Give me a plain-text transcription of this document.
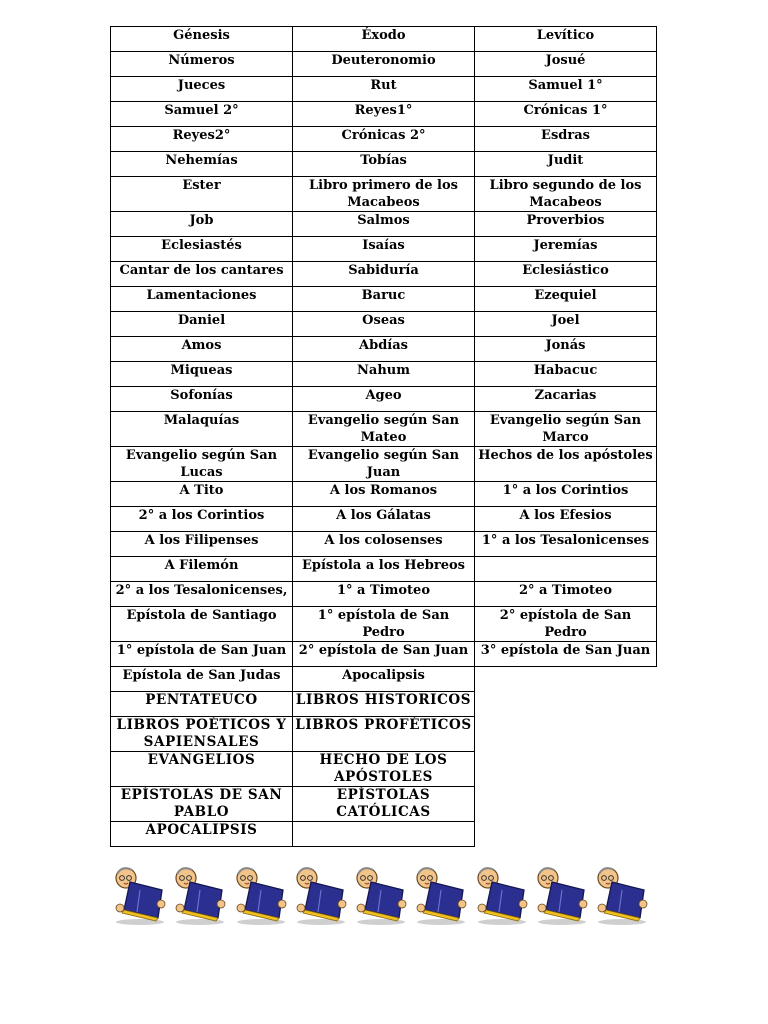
Génesis	Éxodo	Levítico
Números	Deuteronomio	Josué
Jueces	Rut	Samuel 1°
Samuel 2°	Reyes1°	Crónicas 1°
Reyes2°	Crónicas 2°	Esdras
Nehemías	Tobías	Judit
Ester	Libro primero de los Macabeos	Libro segundo de los Macabeos
Job	Salmos	Proverbios
Eclesiastés	Isaías	Jeremías
Cantar de los cantares	Sabiduría	Eclesiástico
Lamentaciones	Baruc	Ezequiel
Daniel	Oseas	Joel
Amos	Abdías	Jonás
Miqueas	Nahum	Habacuc
Sofonías	Ageo	Zacarias
Malaquías	Evangelio según San Mateo	Evangelio según San Marco
Evangelio según San Lucas	Evangelio según San Juan	Hechos de los apóstoles
A Tito	A los Romanos	1° a los Corintios
2° a los Corintios	A los Gálatas	A los Efesios
A los Filipenses	A los colosenses	1° a los Tesalonicenses
A Filemón	Epístola a los Hebreos	
2° a los Tesalonicenses,	1° a Timoteo	2° a Timoteo
Epístola de Santiago	1° epístola de San Pedro	2° epístola de San Pedro
1° epístola de San Juan	2° epístola de San Juan	3° epístola de San Juan
Epístola de San Judas	Apocalipsis	
PENTATEUCO	LIBROS HISTORICOS	
LIBROS POÉTICOS Y SAPIENSALES	LIBROS PROFÉTICOS	
EVANGELIOS	HECHO DE LOS APÓSTOLES	
EPÍSTOLAS DE SAN PABLO	EPÍSTOLAS CATÓLICAS	
APOCALIPSIS		
